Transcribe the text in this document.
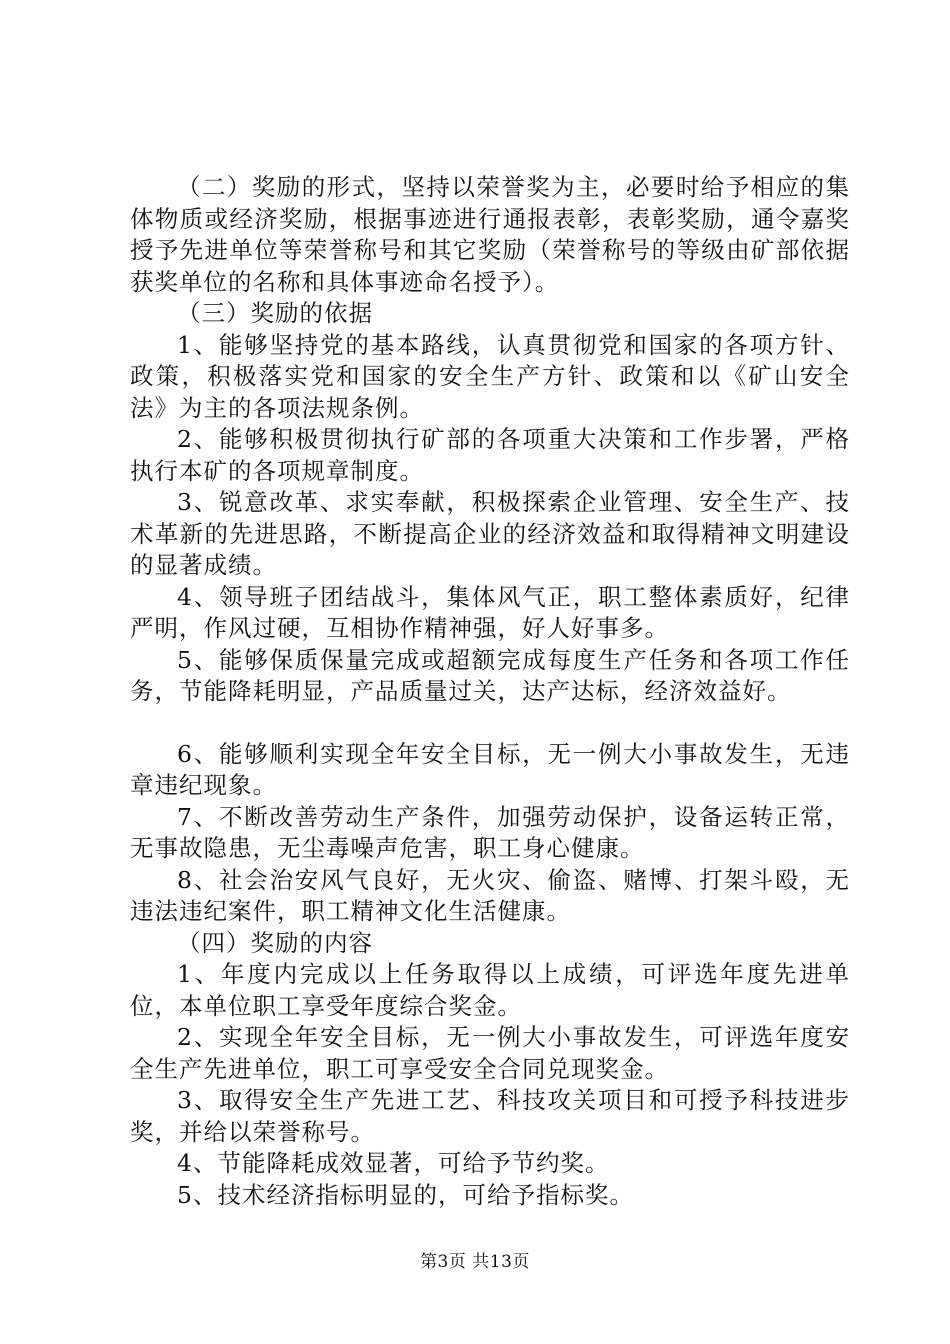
（二）奖励的形式，坚持以荣誉奖为主，必要时给予相应的集体物质或经济奖励，根据事迹进行通报表彰，表彰奖励，通令嘉奖授予先进单位等荣誉称号和其它奖励（荣誉称号的等级由矿部依据获奖单位的名称和具体事迹命名授予）。

（三）奖励的依据

1、能够坚持党的基本路线，认真贯彻党和国家的各项方针、政策，积极落实党和国家的安全生产方针、政策和以《矿山安全法》为主的各项法规条例。

2、能够积极贯彻执行矿部的各项重大决策和工作步署，严格执行本矿的各项规章制度。

3、锐意改革、求实奉献，积极探索企业管理、安全生产、技术革新的先进思路，不断提高企业的经济效益和取得精神文明建设的显著成绩。

4、领导班子团结战斗，集体风气正，职工整体素质好，纪律严明，作风过硬，互相协作精神强，好人好事多。

5、能够保质保量完成或超额完成每度生产任务和各项工作任务，节能降耗明显，产品质量过关，达产达标，经济效益好。

6、能够顺利实现全年安全目标，无一例大小事故发生，无违章违纪现象。

7、不断改善劳动生产条件，加强劳动保护，设备运转正常，无事故隐患，无尘毒噪声危害，职工身心健康。

8、社会治安风气良好，无火灾、偷盗、赌博、打架斗殴，无违法违纪案件，职工精神文化生活健康。

（四）奖励的内容

1、年度内完成以上任务取得以上成绩，可评选年度先进单位，本单位职工享受年度综合奖金。

2、实现全年安全目标，无一例大小事故发生，可评选年度安全生产先进单位，职工可享受安全合同兑现奖金。

3、取得安全生产先进工艺、科技攻关项目和可授予科技进步奖，并给以荣誉称号。

4、节能降耗成效显著，可给予节约奖。

5、技术经济指标明显的，可给予指标奖。

第3页 共13页
